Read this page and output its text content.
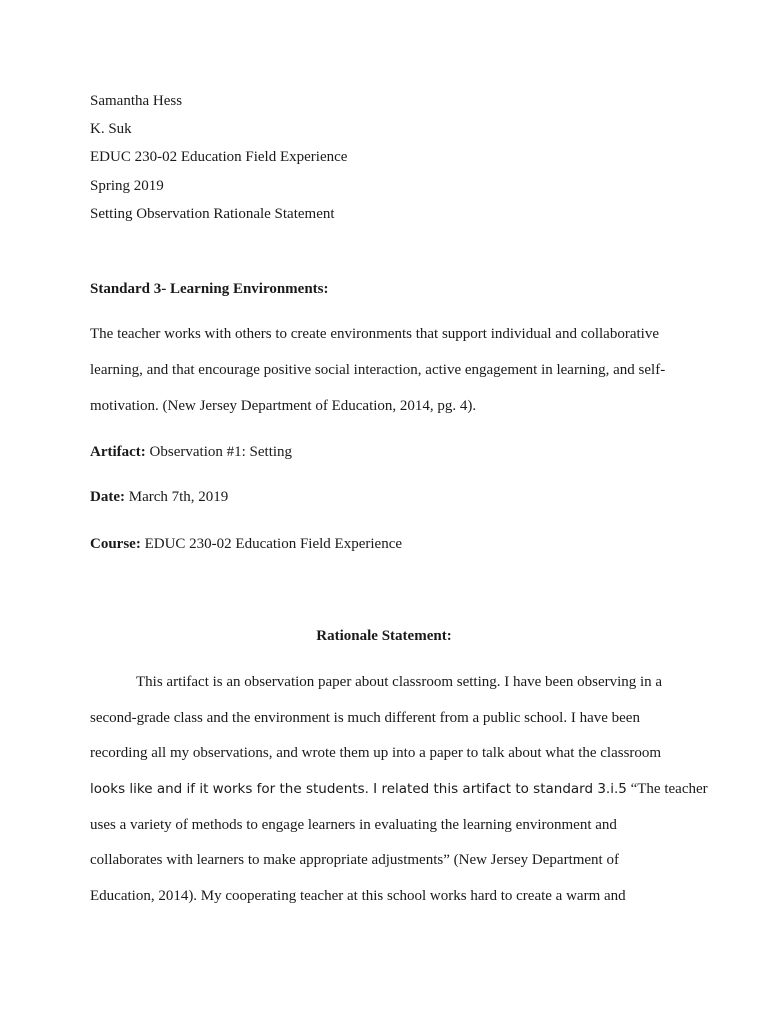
Samantha Hess
K. Suk
EDUC 230-02 Education Field Experience
Spring 2019
Setting Observation Rationale Statement
Standard 3- Learning Environments:
The teacher works with others to create environments that support individual and collaborative
learning, and that encourage positive social interaction, active engagement in learning, and self-
motivation. (New Jersey Department of Education, 2014, pg. 4).
Artifact: Observation #1: Setting
Date: March 7th, 2019
Course: EDUC 230-02 Education Field Experience
Rationale Statement:
This artifact is an observation paper about classroom setting. I have been observing in a
second-grade class and the environment is much different from a public school. I have been
recording all my observations, and wrote them up into a paper to talk about what the classroom
looks like and if it works for the students. I related this artifact to standard 3.i.5 “The teacher
uses a variety of methods to engage learners in evaluating the learning environment and
collaborates with learners to make appropriate adjustments” (New Jersey Department of
Education, 2014). My cooperating teacher at this school works hard to create a warm and
